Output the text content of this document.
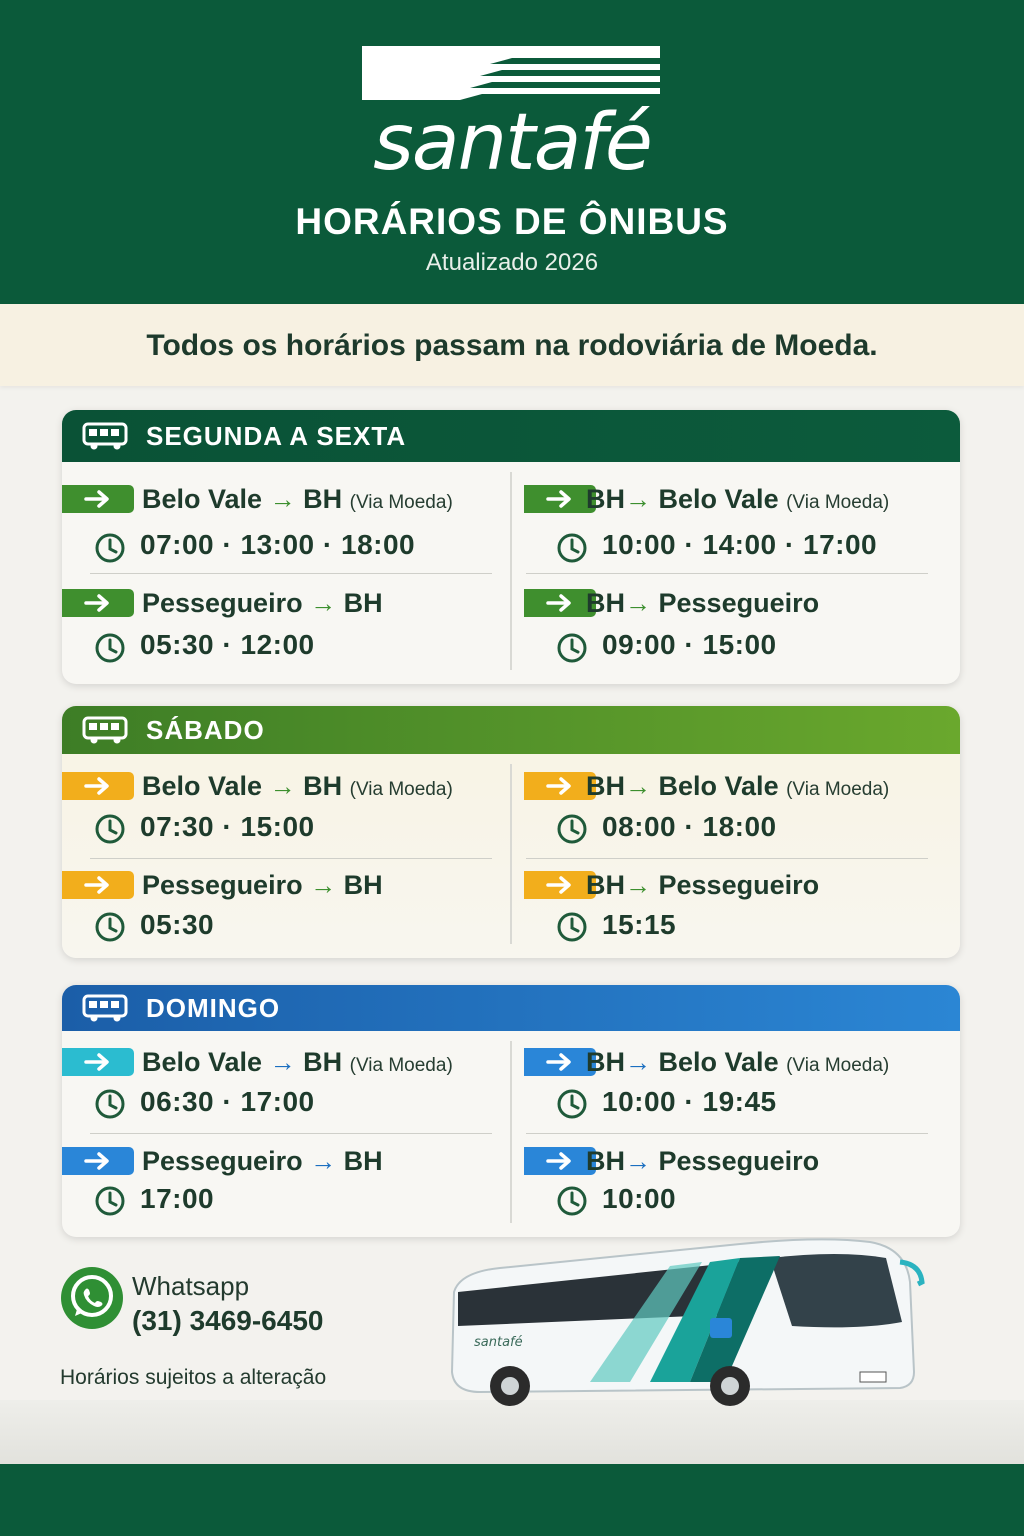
santafé
HORÁRIOS DE ÔNIBUS
Atualizado 2026
Todos os horários passam na rodoviária de Moeda.
SEGUNDA A SEXTA
Belo Vale → BH (Via Moeda)
07:00 · 13:00 · 18:00
BH→ Belo Vale (Via Moeda)
10:00 · 14:00 · 17:00
Pessegueiro → BH
05:30 · 12:00
BH→ Pessegueiro
09:00 · 15:00
SÁBADO
Belo Vale → BH (Via Moeda)
07:30 · 15:00
BH→ Belo Vale (Via Moeda)
08:00 · 18:00
Pessegueiro → BH
05:30
BH→ Pessegueiro
15:15
DOMINGO
Belo Vale → BH (Via Moeda)
06:30 · 17:00
BH→ Belo Vale (Via Moeda)
10:00 · 19:45
Pessegueiro → BH
17:00
BH→ Pessegueiro
10:00
Whatsapp
(31) 3469-6450
Horários sujeitos a alteração
santafé
